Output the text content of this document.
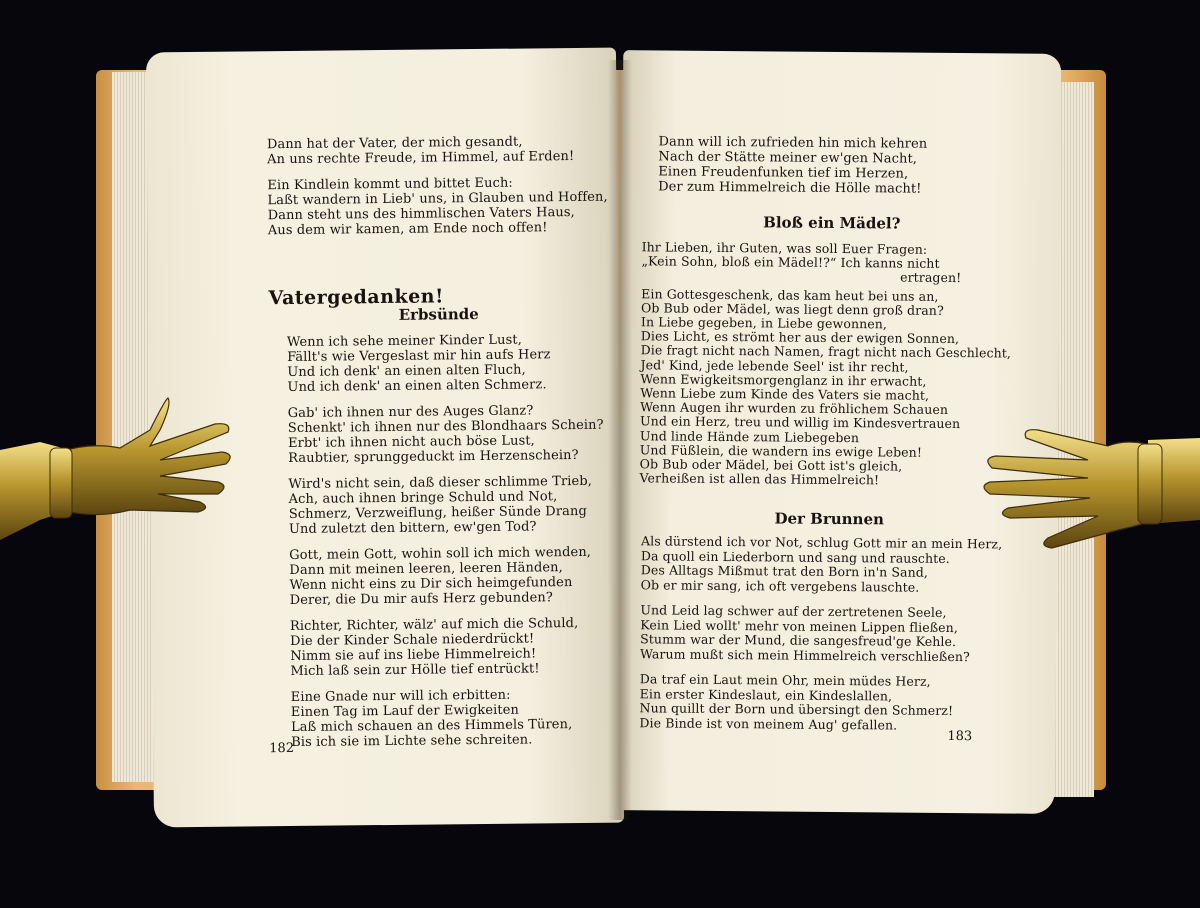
Dann hat der Vater, der mich gesandt,

An uns rechte Freude, im Himmel, auf Erden!

Ein Kindlein kommt und bittet Euch:

Laßt wandern in Lieb' uns, in Glauben und Hoffen,

Dann steht uns des himmlischen Vaters Haus,

Aus dem wir kamen, am Ende noch offen!

Vatergedanken!

Erbsünde

Wenn ich sehe meiner Kinder Lust,

Fällt's wie Vergeslast mir hin aufs Herz

Und ich denk' an einen alten Fluch,

Und ich denk' an einen alten Schmerz.

Gab' ich ihnen nur des Auges Glanz?

Schenkt' ich ihnen nur des Blondhaars Schein?

Erbt' ich ihnen nicht auch böse Lust,

Raubtier, sprunggeduckt im Herzenschein?

Wird's nicht sein, daß dieser schlimme Trieb,

Ach, auch ihnen bringe Schuld und Not,

Schmerz, Verzweiflung, heißer Sünde Drang

Und zuletzt den bittern, ew'gen Tod?

Gott, mein Gott, wohin soll ich mich wenden,

Dann mit meinen leeren, leeren Händen,

Wenn nicht eins zu Dir sich heimgefunden

Derer, die Du mir aufs Herz gebunden?

Richter, Richter, wälz' auf mich die Schuld,

Die der Kinder Schale niederdrückt!

Nimm sie auf ins liebe Himmelreich!

Mich laß sein zur Hölle tief entrückt!

Eine Gnade nur will ich erbitten:

Einen Tag im Lauf der Ewigkeiten

Laß mich schauen an des Himmels Türen,

Bis ich sie im Lichte sehe schreiten.

182

Dann will ich zufrieden hin mich kehren

Nach der Stätte meiner ew'gen Nacht,

Einen Freudenfunken tief im Herzen,

Der zum Himmelreich die Hölle macht!

Bloß ein Mädel?

Ihr Lieben, ihr Guten, was soll Euer Fragen:

„Kein Sohn, bloß ein Mädel!?“ Ich kanns nicht

ertragen!

Ein Gottesgeschenk, das kam heut bei uns an,

Ob Bub oder Mädel, was liegt denn groß dran?

In Liebe gegeben, in Liebe gewonnen,

Dies Licht, es strömt her aus der ewigen Sonnen,

Die fragt nicht nach Namen, fragt nicht nach Geschlecht,

Jed' Kind, jede lebende Seel' ist ihr recht,

Wenn Ewigkeitsmorgenglanz in ihr erwacht,

Wenn Liebe zum Kinde des Vaters sie macht,

Wenn Augen ihr wurden zu fröhlichem Schauen

Und ein Herz, treu und willig im Kindesvertrauen

Und linde Hände zum Liebegeben

Und Füßlein, die wandern ins ewige Leben!

Ob Bub oder Mädel, bei Gott ist's gleich,

Verheißen ist allen das Himmelreich!

Der Brunnen

Als dürstend ich vor Not, schlug Gott mir an mein Herz,

Da quoll ein Liederborn und sang und rauschte.

Des Alltags Mißmut trat den Born in'n Sand,

Ob er mir sang, ich oft vergebens lauschte.

Und Leid lag schwer auf der zertretenen Seele,

Kein Lied wollt' mehr von meinen Lippen fließen,

Stumm war der Mund, die sangesfreud'ge Kehle.

Warum mußt sich mein Himmelreich verschließen?

Da traf ein Laut mein Ohr, mein müdes Herz,

Ein erster Kindeslaut, ein Kindeslallen,

Nun quillt der Born und übersingt den Schmerz!

Die Binde ist von meinem Aug' gefallen.

183
